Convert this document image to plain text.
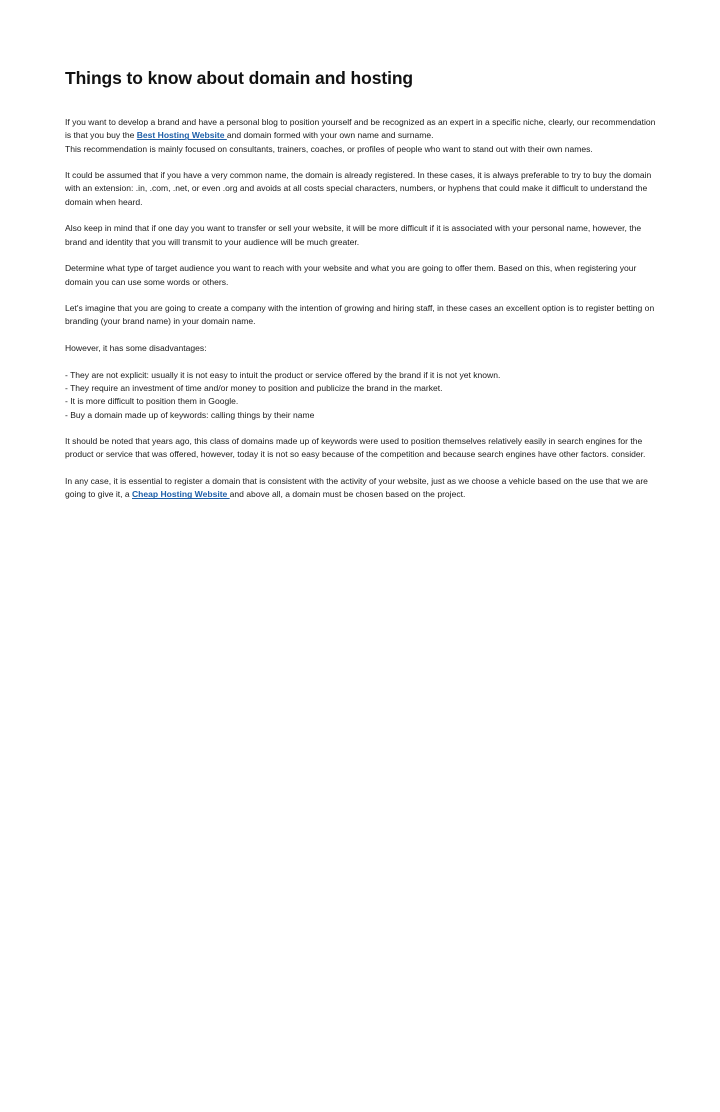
Things to know about domain and hosting

If you want to develop a brand and have a personal blog to position yourself and be recognized as an expert in a specific niche, clearly, our recommendation is that you buy the Best Hosting Website and domain formed with your own name and surname.
This recommendation is mainly focused on consultants, trainers, coaches, or profiles of people who want to stand out with their own names.

It could be assumed that if you have a very common name, the domain is already registered. In these cases, it is always preferable to try to buy the domain with an extension: .in, .com, .net, or even .org and avoids at all costs special characters, numbers, or hyphens that could make it difficult to understand the domain when heard.

Also keep in mind that if one day you want to transfer or sell your website, it will be more difficult if it is associated with your personal name, however, the brand and identity that you will transmit to your audience will be much greater.

Determine what type of target audience you want to reach with your website and what you are going to offer them. Based on this, when registering your domain you can use some words or others.

Let's imagine that you are going to create a company with the intention of growing and hiring staff, in these cases an excellent option is to register betting on branding (your brand name) in your domain name.

However, it has some disadvantages:

- They are not explicit: usually it is not easy to intuit the product or service offered by the brand if it is not yet known.
- They require an investment of time and/or money to position and publicize the brand in the market.
- It is more difficult to position them in Google.
- Buy a domain made up of keywords: calling things by their name

It should be noted that years ago, this class of domains made up of keywords were used to position themselves relatively easily in search engines for the product or service that was offered, however, today it is not so easy because of the competition and because search engines have other factors. consider.

In any case, it is essential to register a domain that is consistent with the activity of your website, just as we choose a vehicle based on the use that we are going to give it, a Cheap Hosting Website and above all, a domain must be chosen based on the project.
